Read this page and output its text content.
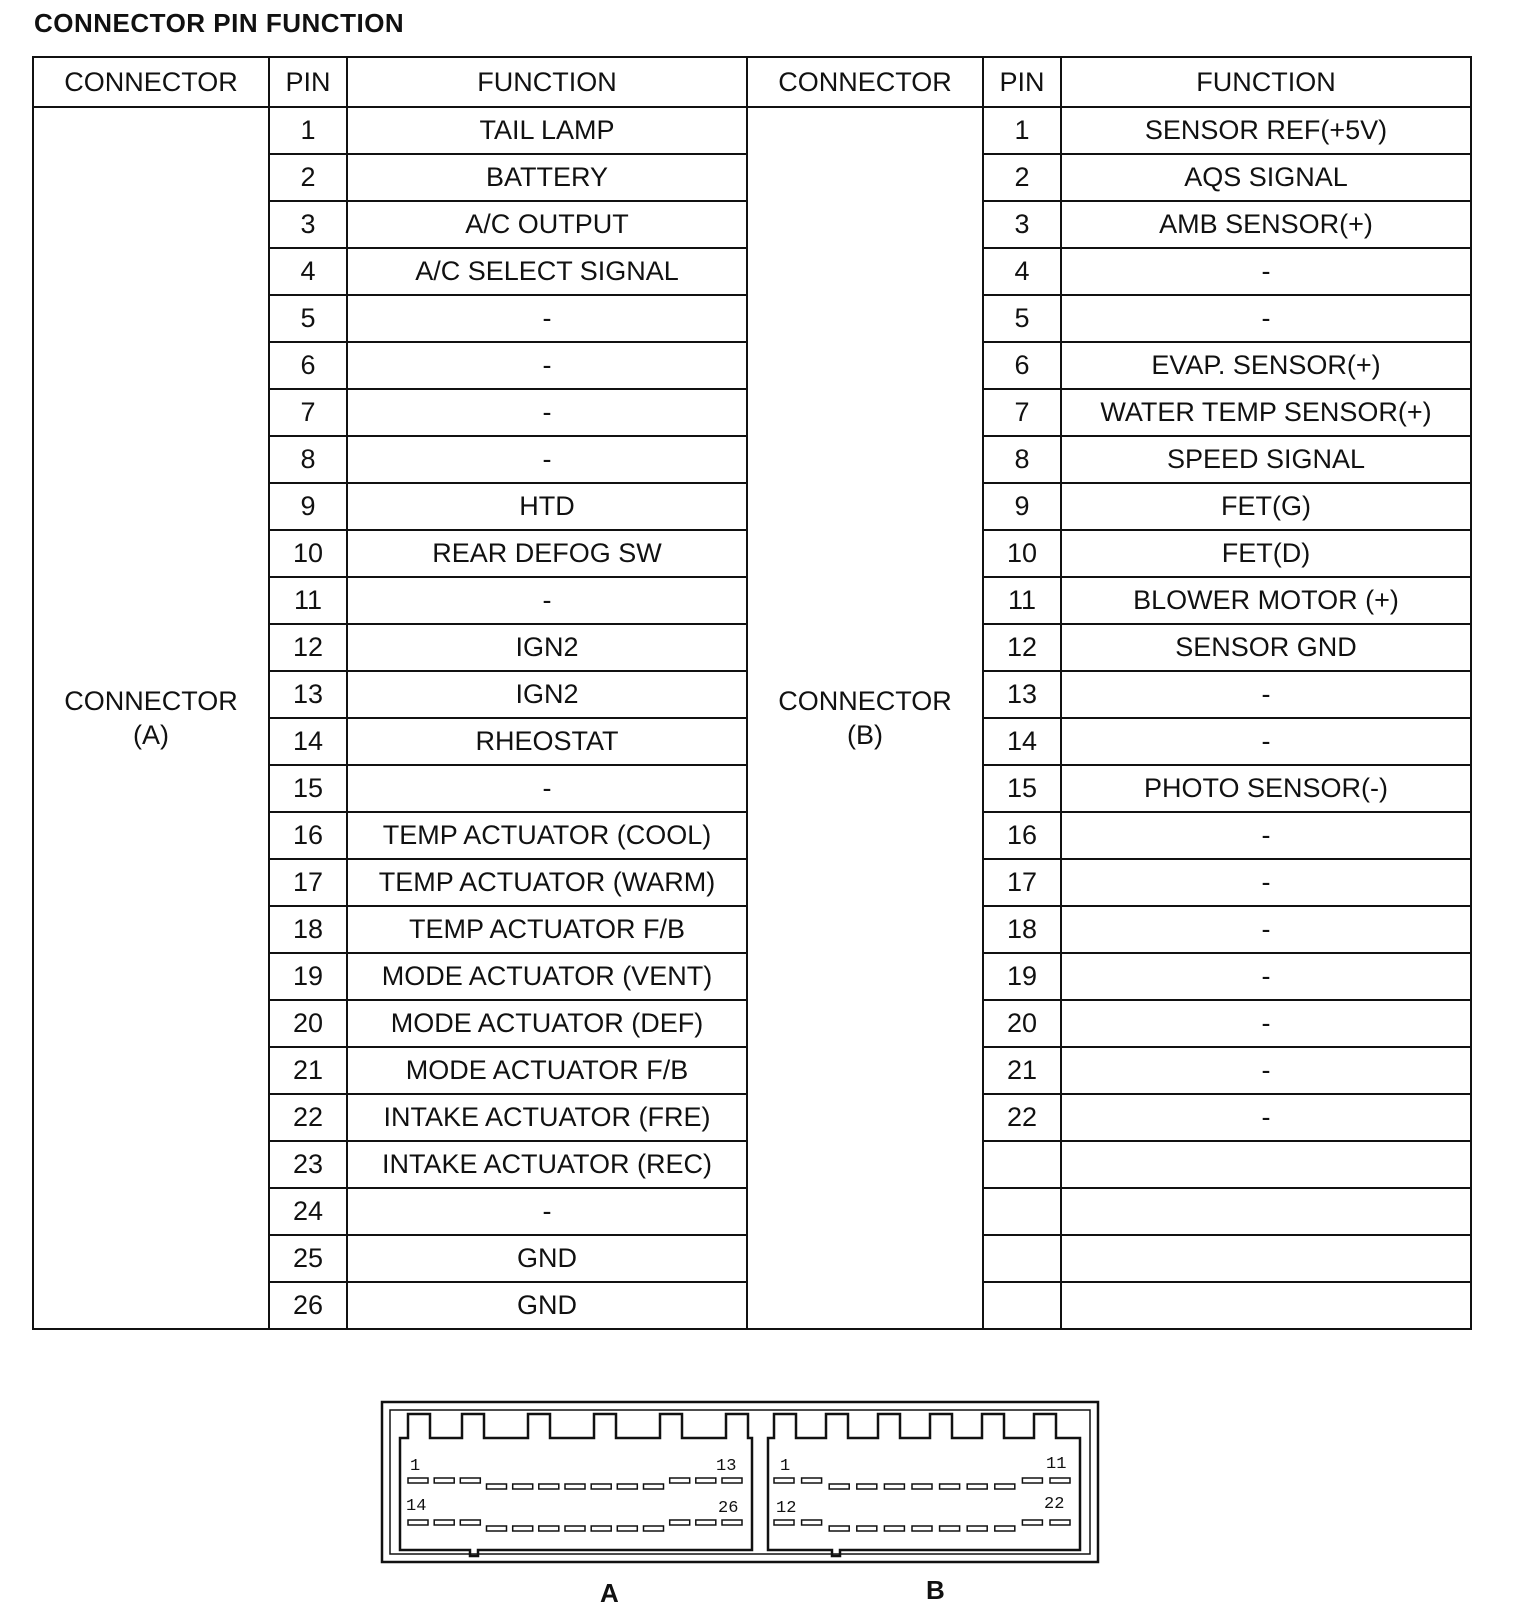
CONNECTOR PIN FUNCTION
CONNECTOR	PIN	FUNCTION

CONNECTOR
(A)	1	TAIL LAMP
	2	BATTERY
	3	A/C OUTPUT
	4	A/C SELECT SIGNAL
	5	-
	6	-
	7	-
	8	-
	9	HTD
	10	REAR DEFOG SW
	11	-
	12	IGN2
	13	IGN2
	14	RHEOSTAT
	15	-
	16	TEMP ACTUATOR (COOL)
	17	TEMP ACTUATOR (WARM)
	18	TEMP ACTUATOR F/B
	19	MODE ACTUATOR (VENT)
	20	MODE ACTUATOR (DEF)
	21	MODE ACTUATOR F/B
	22	INTAKE ACTUATOR (FRE)
	23	INTAKE ACTUATOR (REC)
	24	-
	25	GND
	26	GND
CONNECTOR	PIN	FUNCTION

CONNECTOR
(B)	1	SENSOR REF(+5V)
	2	AQS SIGNAL
	3	AMB SENSOR(+)
	4	-
	5	-
	6	EVAP. SENSOR(+)
	7	WATER TEMP SENSOR(+)
	8	SPEED SIGNAL
	9	FET(G)
	10	FET(D)
	11	BLOWER MOTOR (+)
	12	SENSOR GND
	13	-
	14	-
	15	PHOTO SENSOR(-)
	16	-
	17	-
	18	-
	19	-
	20	-
	21	-
	22	-

1	13
14	26
1	11
12	22
A	B
